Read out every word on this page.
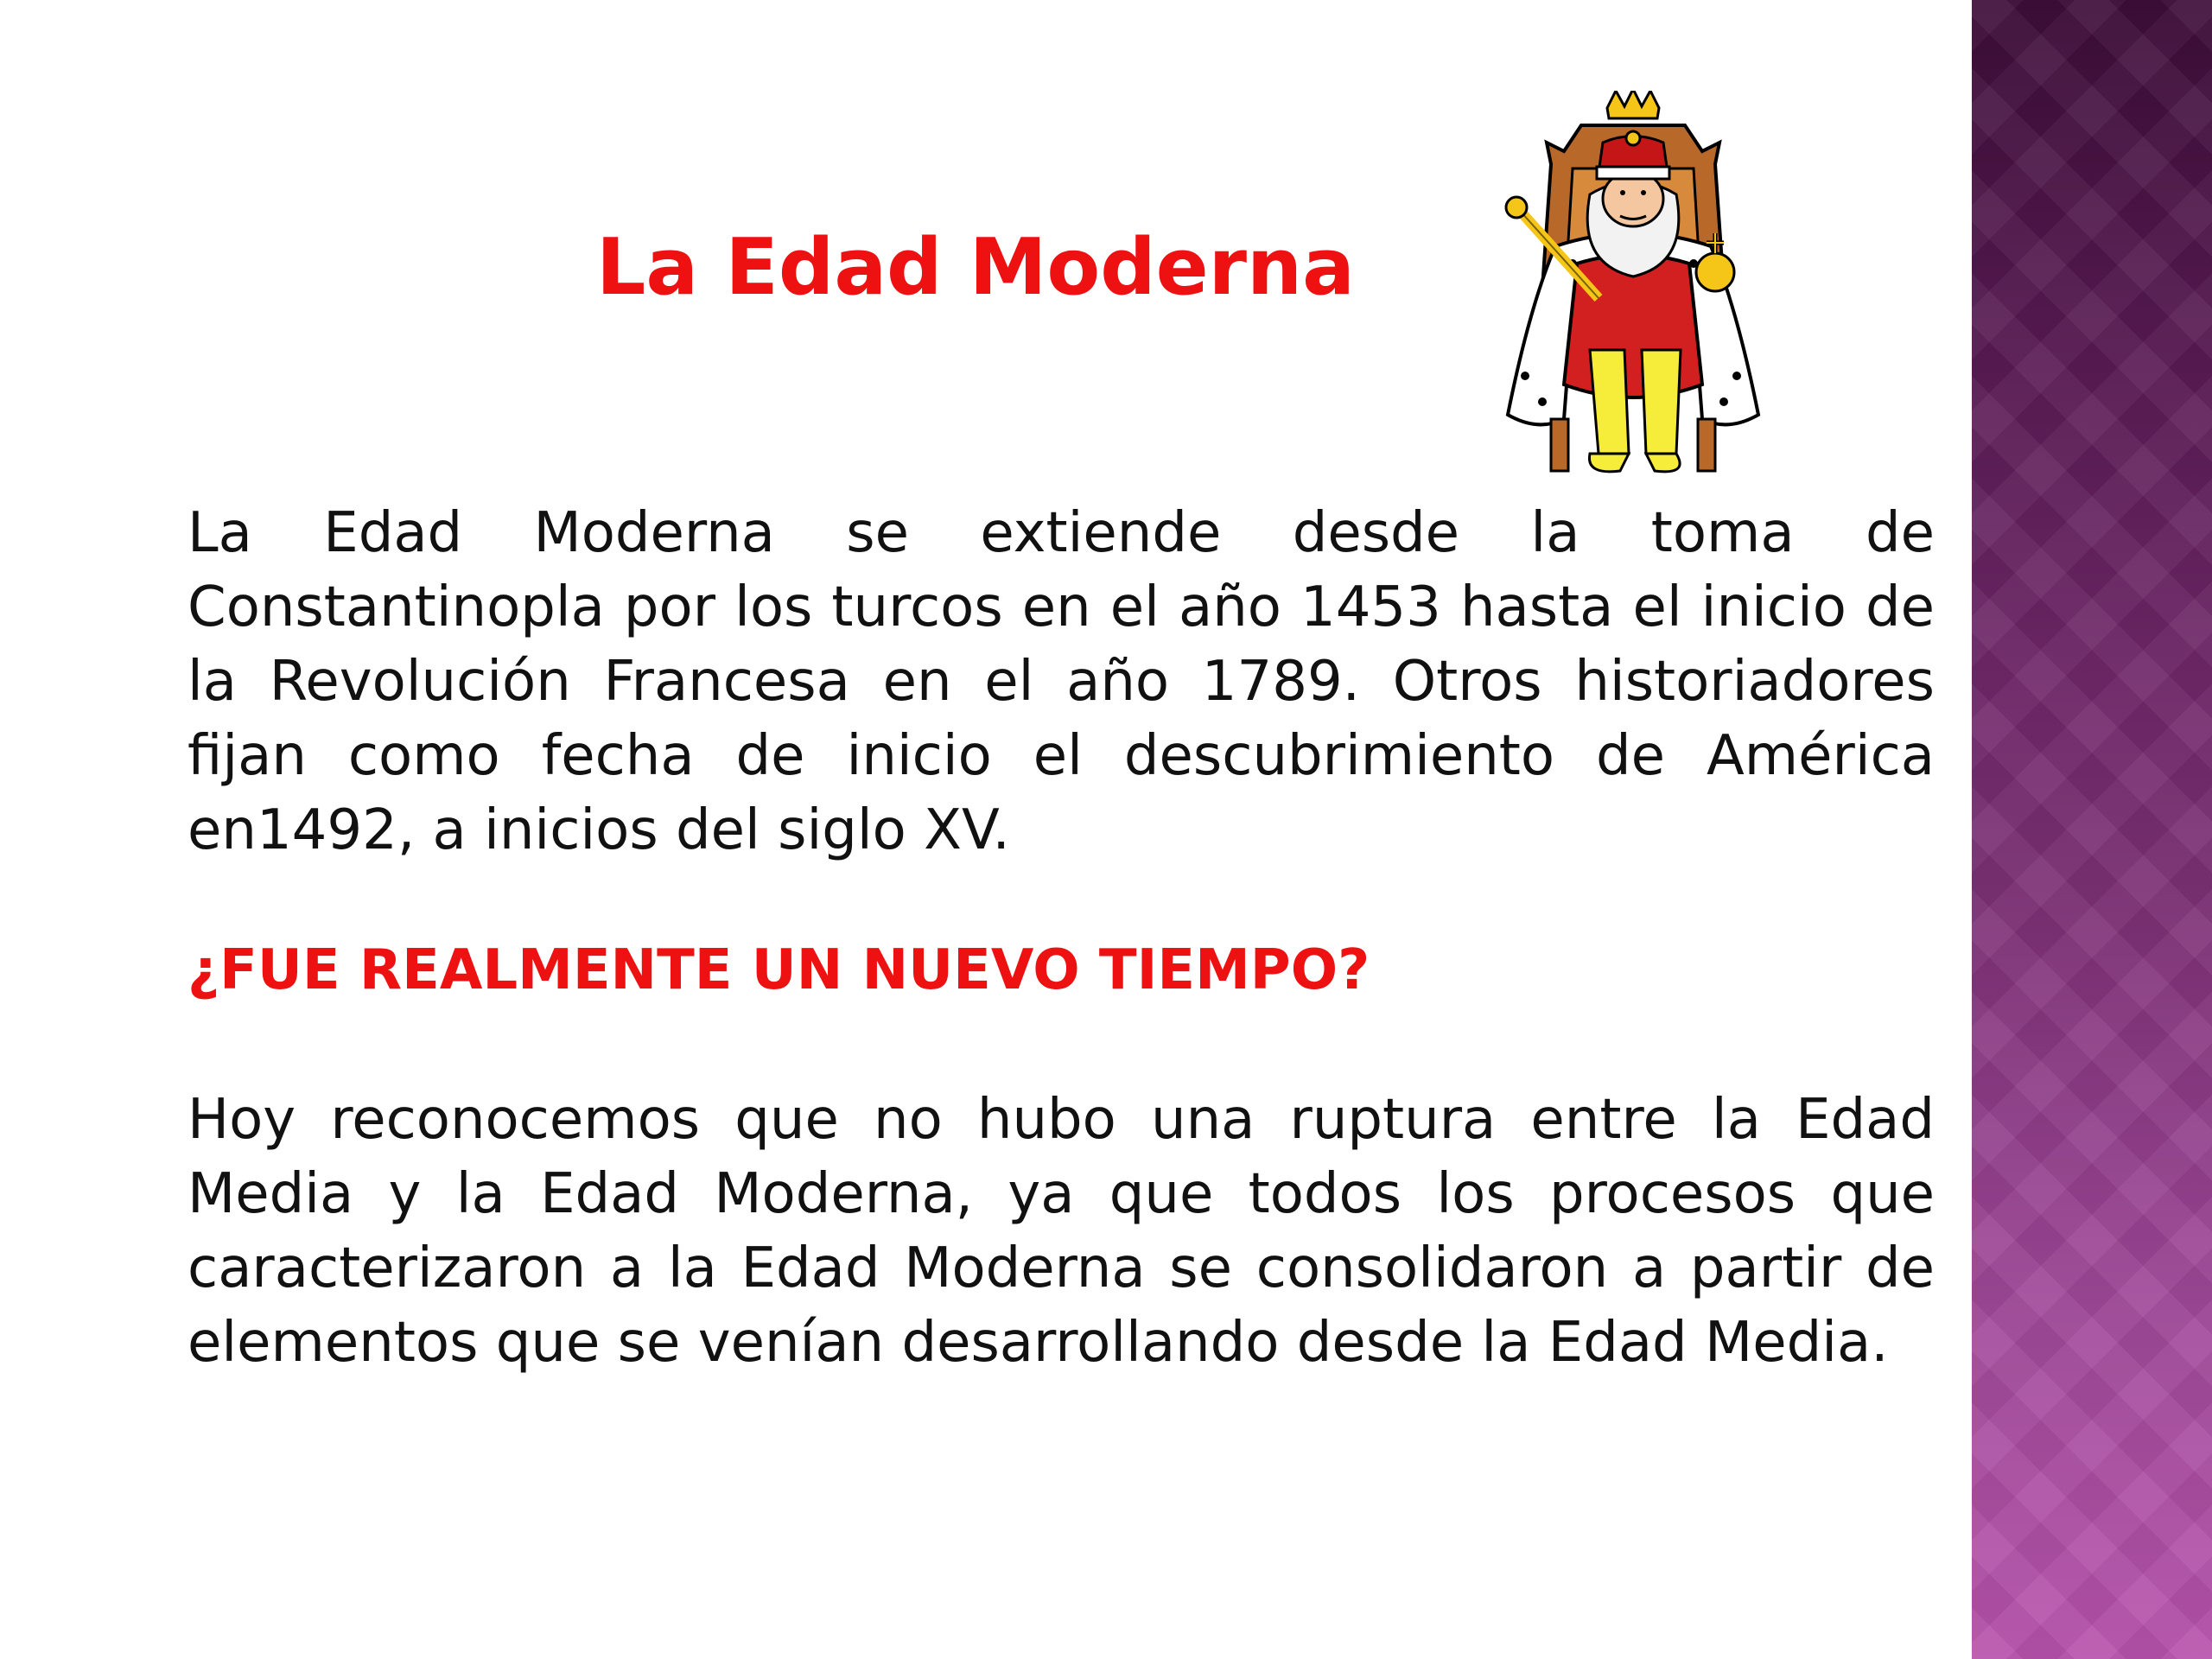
La Edad Moderna

La Edad Moderna se extiende desde la toma de Constantinopla por los turcos en el año 1453 hasta el inicio de la Revolución Francesa en el año 1789. Otros historiadores fijan como fecha de inicio el descubrimiento de América en1492, a inicios del siglo XV.

¿FUE REALMENTE UN NUEVO TIEMPO?

Hoy reconocemos que no hubo una ruptura entre la Edad Media y la Edad Moderna, ya que todos los procesos que caracterizaron a la Edad Moderna se consolidaron a partir de elementos que se venían desarrollando desde la Edad Media.
